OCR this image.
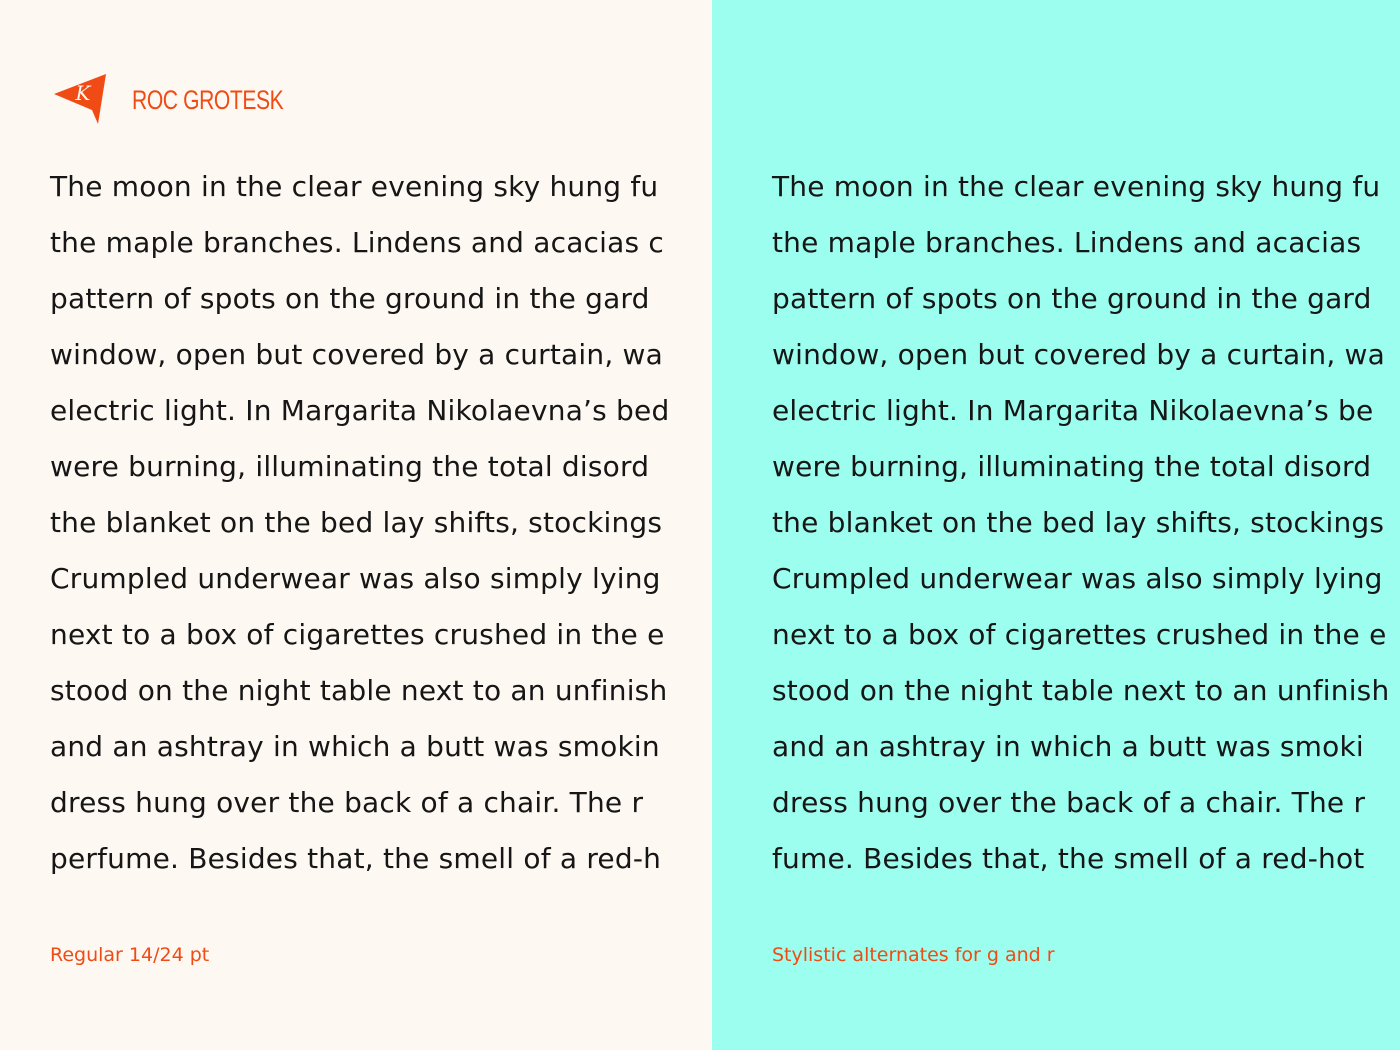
K ROC GROTESK
The moon in the clear evening sky hung fu
the maple branches. Lindens and acacias c
pattern of spots on the ground in the gard
window, open but covered by a curtain, wa
electric light. In Margarita Nikolaevna’s bed
were burning, illuminating the total disord
the blanket on the bed lay shifts, stockings
Crumpled underwear was also simply lying
next to a box of cigarettes crushed in the e
stood on the night table next to an unfinish
and an ashtray in which a butt was smokin
dress hung over the back of a chair. The r
perfume. Besides that, the smell of a red-h
Regular 14/24 pt
The moon in the clear evening sky hung fu
the maple branches. Lindens and acacias
pattern of spots on the ground in the gard
window, open but covered by a curtain, wa
electric light. In Margarita Nikolaevna’s be
were burning, illuminating the total disord
the blanket on the bed lay shifts, stockings
Crumpled underwear was also simply lying
next to a box of cigarettes crushed in the e
stood on the night table next to an unfinish
and an ashtray in which a butt was smoki
dress hung over the back of a chair. The r
fume. Besides that, the smell of a red-hot
Stylistic alternates for g and r
